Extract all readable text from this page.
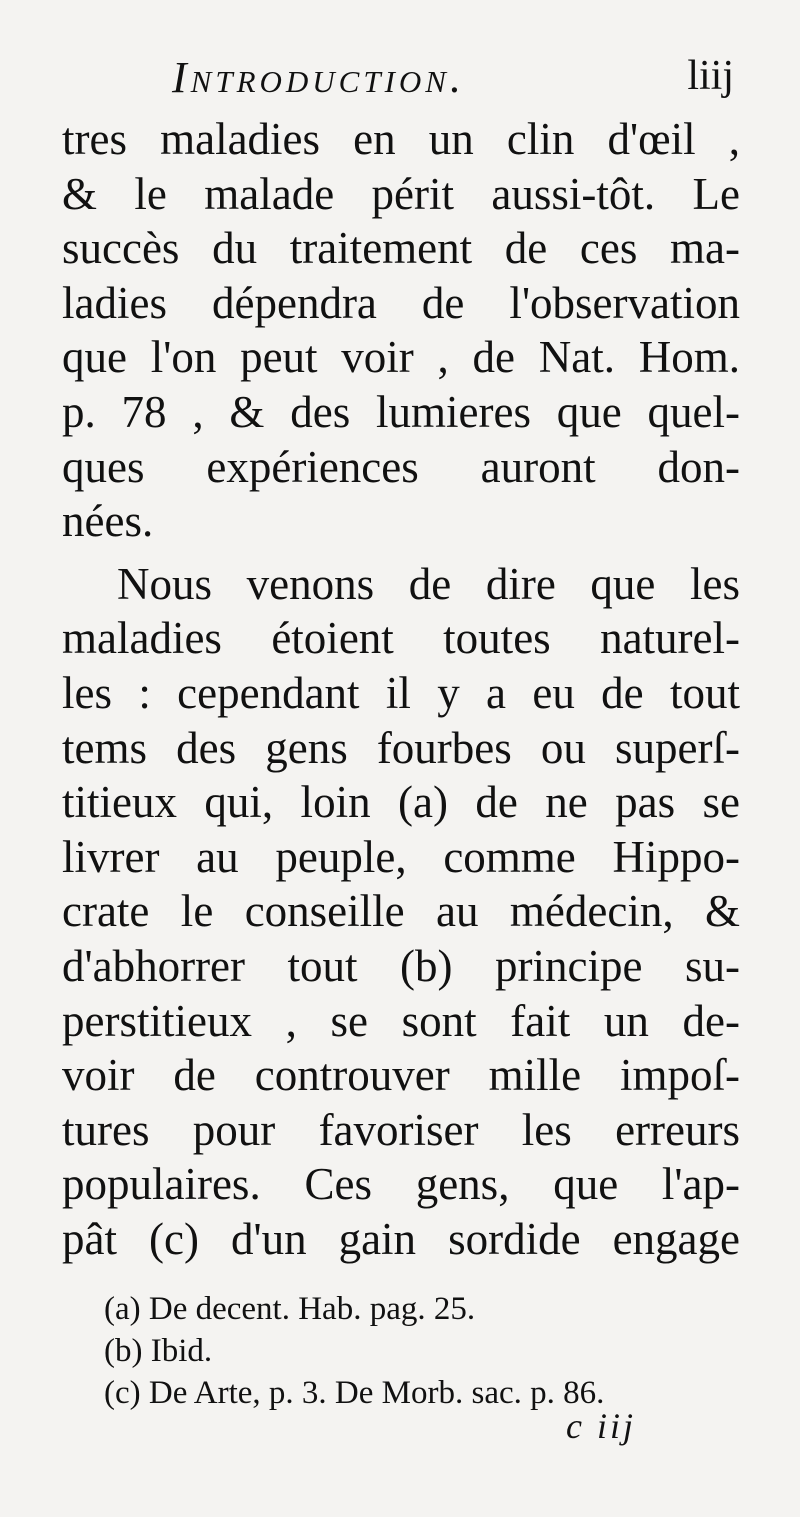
Introduction.	liij
tres maladies en un clin d'œil ,
& le malade périt aussi-tôt. Le
succès du traitement de ces ma-
ladies dépendra de l'observation
que l'on peut voir , de Nat. Hom.
p. 78 , & des lumieres que quel-
ques expériences auront don-
nées.
Nous venons de dire que les
maladies étoient toutes naturel-
les : cependant il y a eu de tout
tems des gens fourbes ou superſ-
titieux qui, loin (a) de ne pas se
livrer au peuple, comme Hippo-
crate le conseille au médecin, &
d'abhorrer tout (b) principe su-
perstitieux , se sont fait un de-
voir de controuver mille impoſ-
tures pour favoriser les erreurs
populaires. Ces gens, que l'ap-
pât (c) d'un gain sordide engage
(a) De decent. Hab. pag. 25.
(b) Ibid.
(c) De Arte, p. 3. De Morb. sac. p. 86.
c iij
